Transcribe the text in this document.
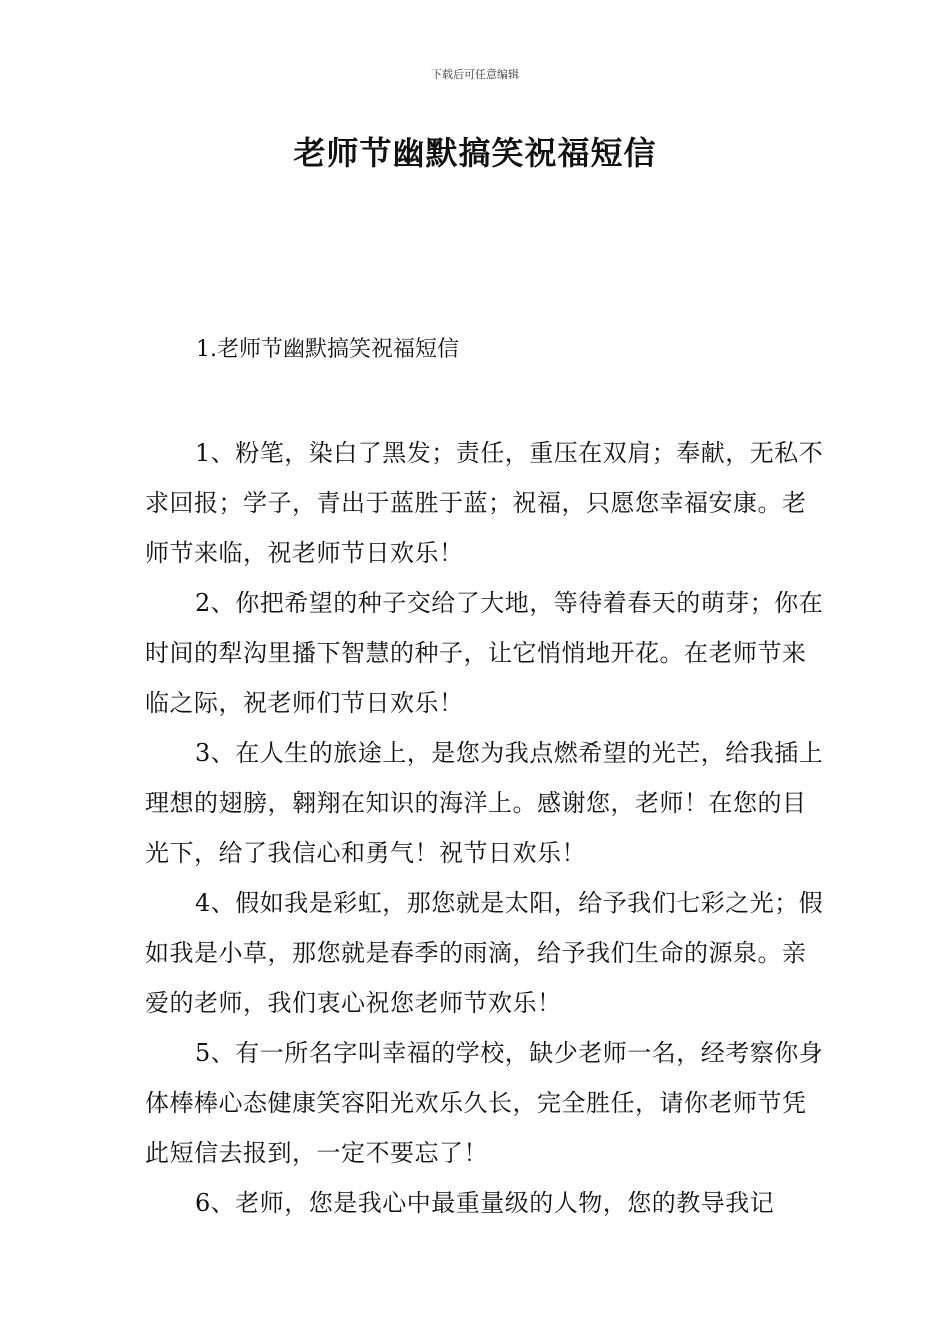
下载后可任意编辑
老师节幽默搞笑祝福短信
1.老师节幽默搞笑祝福短信

1、粉笔，染白了黑发；责任，重压在双肩；奉献，无私不求回报；学子，青出于蓝胜于蓝；祝福，只愿您幸福安康。老师节来临，祝老师节日欢乐！

2、你把希望的种子交给了大地，等待着春天的萌芽；你在时间的犁沟里播下智慧的种子，让它悄悄地开花。在老师节来临之际，祝老师们节日欢乐！

3、在人生的旅途上，是您为我点燃希望的光芒，给我插上理想的翅膀，翱翔在知识的海洋上。感谢您，老师！在您的目光下，给了我信心和勇气！祝节日欢乐！

4、假如我是彩虹，那您就是太阳，给予我们七彩之光；假如我是小草，那您就是春季的雨滴，给予我们生命的源泉。亲爱的老师，我们衷心祝您老师节欢乐！

5、有一所名字叫幸福的学校，缺少老师一名，经考察你身体棒棒心态健康笑容阳光欢乐久长，完全胜任，请你老师节凭此短信去报到，一定不要忘了！

6、老师，您是我心中最重量级的人物，您的教导我记
